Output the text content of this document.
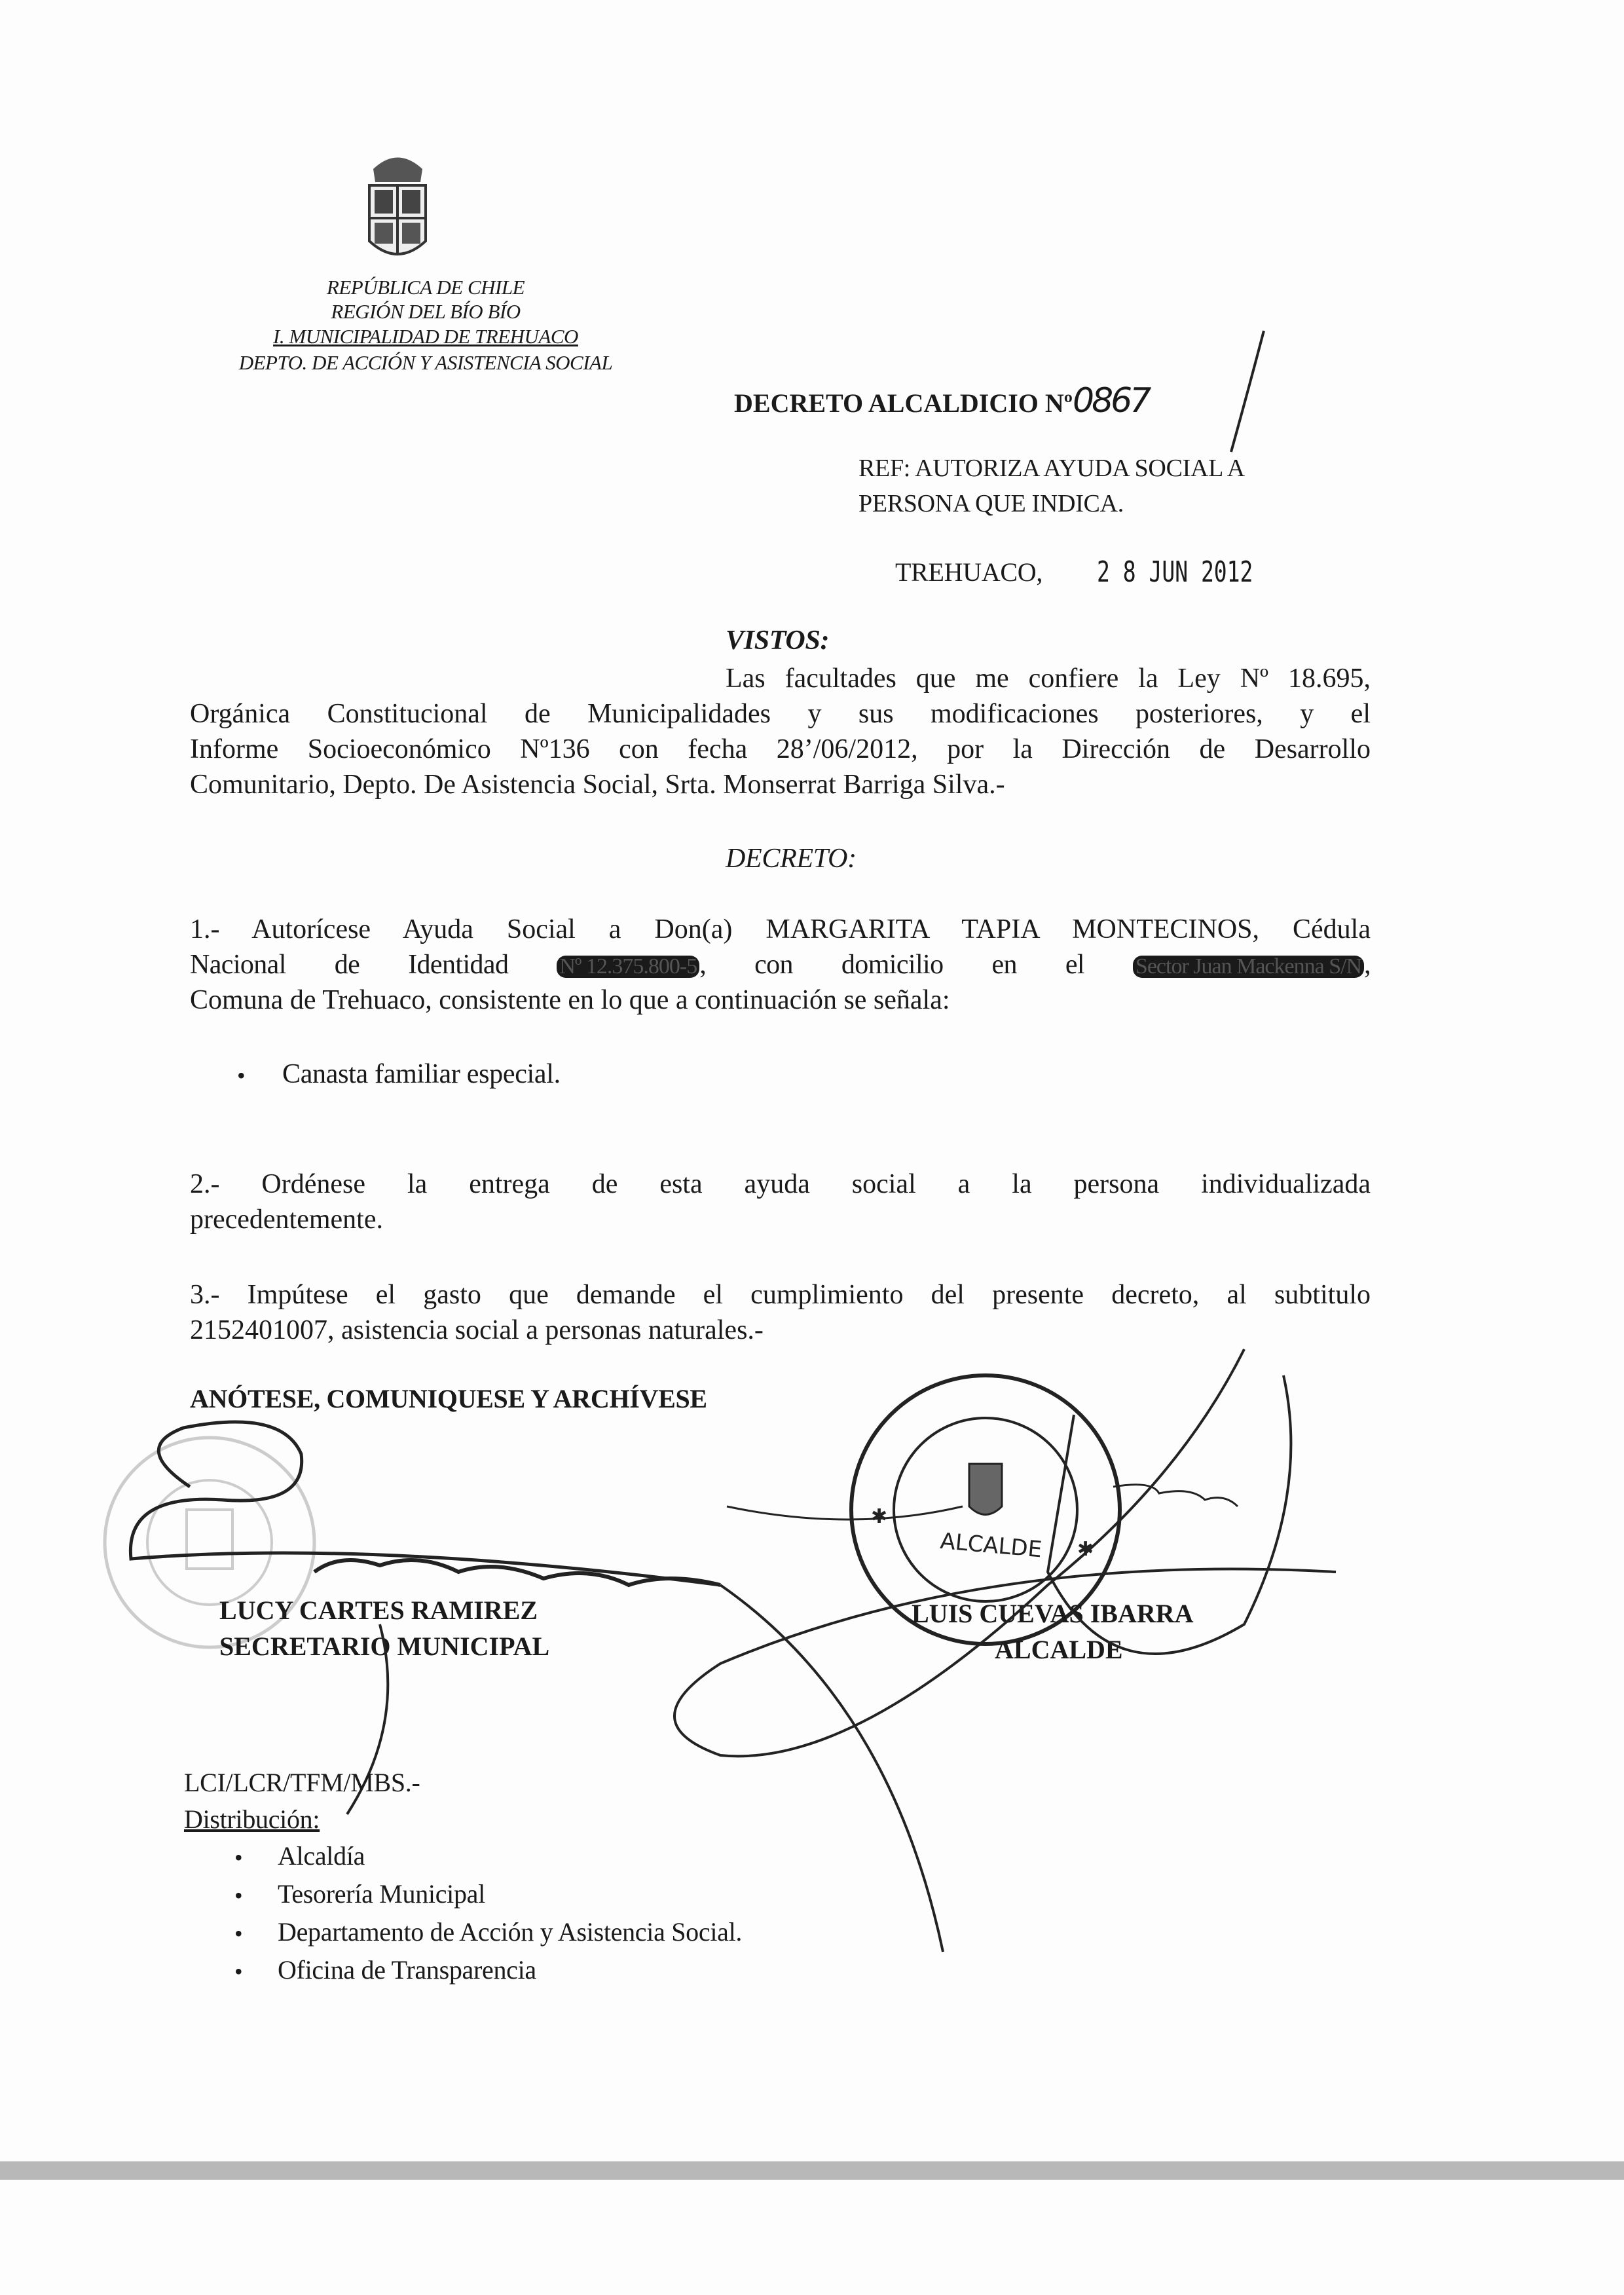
REPÚBLICA DE CHILE
REGIÓN DEL BÍO BÍO
I. MUNICIPALIDAD DE TREHUACO
DEPTO. DE ACCIÓN Y ASISTENCIA SOCIAL
DECRETO ALCALDICIO Nº0867
REF: AUTORIZA AYUDA SOCIAL A
PERSONA QUE INDICA.
TREHUACO, 2 8 JUN 2012
VISTOS:
Las facultades que me confiere la Ley Nº 18.695,
Orgánica Constitucional de Municipalidades y sus modificaciones posteriores, y el
Informe Socioeconómico Nº136 con fecha 28’/06/2012, por la Dirección de Desarrollo
Comunitario, Depto. De Asistencia Social, Srta. Monserrat Barriga Silva.-
DECRETO:
1.- Autorícese Ayuda Social a Don(a) MARGARITA TAPIA MONTECINOS, Cédula
Nacional de Identidad Nº 12.375.800-5, con domicilio en el Sector Juan Mackenna S/N,
Comuna de Trehuaco, consistente en lo que a continuación se señala:
• Canasta familiar especial.
2.- Ordénese la entrega de esta ayuda social a la persona individualizada
precedentemente.
3.- Impútese el gasto que demande el cumplimiento del presente decreto, al subtitulo
2152401007, asistencia social a personas naturales.-
ANÓTESE, COMUNIQUESE Y ARCHÍVESE
LUCY CARTES RAMIREZ
SECRETARIO MUNICIPAL
ALCALDE
✱
✱
LUIS CUEVAS IBARRA
ALCALDE
LCI/LCR/TFM/MBS.-
Distribución:
• Alcaldía
• Tesorería Municipal
• Departamento de Acción y Asistencia Social.
• Oficina de Transparencia
